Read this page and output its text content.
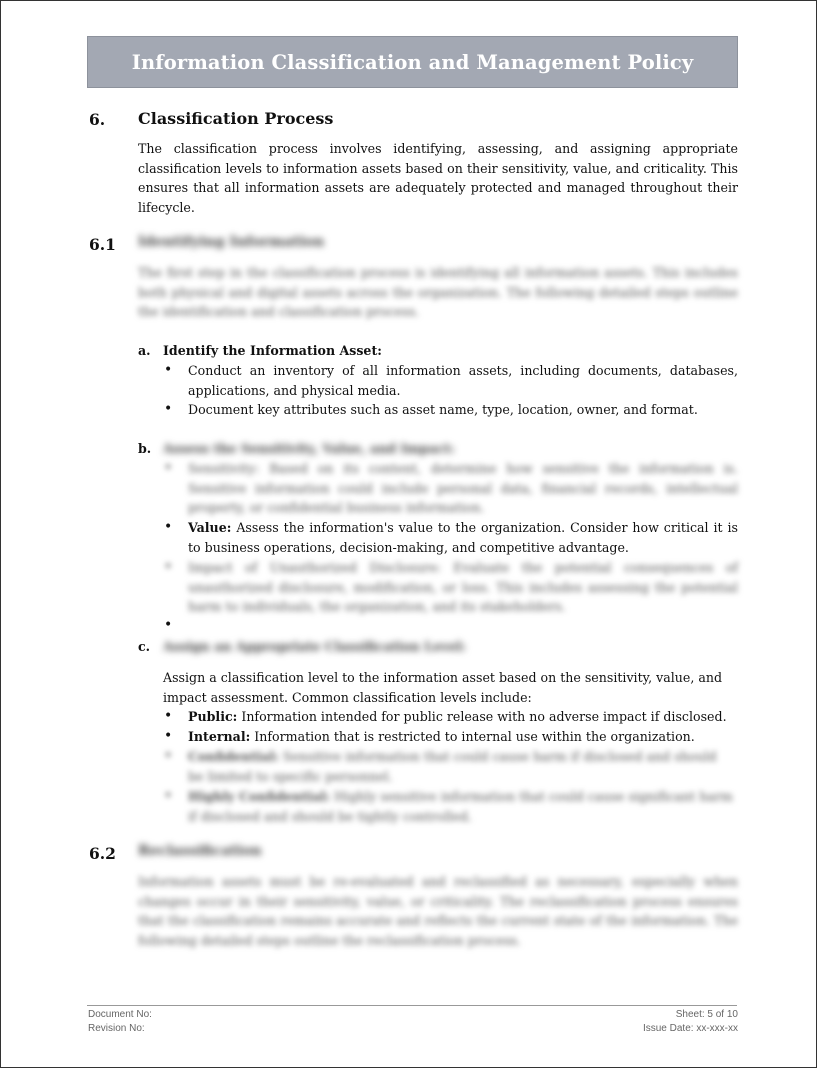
Information Classification and Management Policy
6. Classification Process
The classification process involves identifying, assessing, and assigning appropriate
classification levels to information assets based on their sensitivity, value, and criticality. This
ensures that all information assets are adequately protected and managed throughout their
lifecycle.
6.1 Identifying Information
The first step in the classification process is identifying all information assets. This includes
both physical and digital assets across the organization. The following detailed steps outline
the identification and classification process.
a. Identify the Information Asset:
• Conduct an inventory of all information assets, including documents, databases,
applications, and physical media.
• Document key attributes such as asset name, type, location, owner, and format.
b. Assess the Sensitivity, Value, and Impact:
• Sensitivity: Based on its content, determine how sensitive the information is.
Sensitive information could include personal data, financial records, intellectual
property, or confidential business information.
• Value: Assess the information's value to the organization. Consider how critical it is
to business operations, decision-making, and competitive advantage.
• Impact of Unauthorized Disclosure: Evaluate the potential consequences of
unauthorized disclosure, modification, or loss. This includes assessing the potential
harm to individuals, the organization, and its stakeholders.
•
c. Assign an Appropriate Classification Level:
Assign a classification level to the information asset based on the sensitivity, value, and
impact assessment. Common classification levels include:
• Public: Information intended for public release with no adverse impact if disclosed.
• Internal: Information that is restricted to internal use within the organization.
• Confidential: Sensitive information that could cause harm if disclosed and should
be limited to specific personnel.
• Highly Confidential: Highly sensitive information that could cause significant harm
if disclosed and should be tightly controlled.
6.2 Reclassification
Information assets must be re-evaluated and reclassified as necessary, especially when
changes occur in their sensitivity, value, or criticality. The reclassification process ensures
that the classification remains accurate and reflects the current state of the information. The
following detailed steps outline the reclassification process.
Document No:
Revision No:
Sheet: 5 of 10
Issue Date: xx-xxx-xx
